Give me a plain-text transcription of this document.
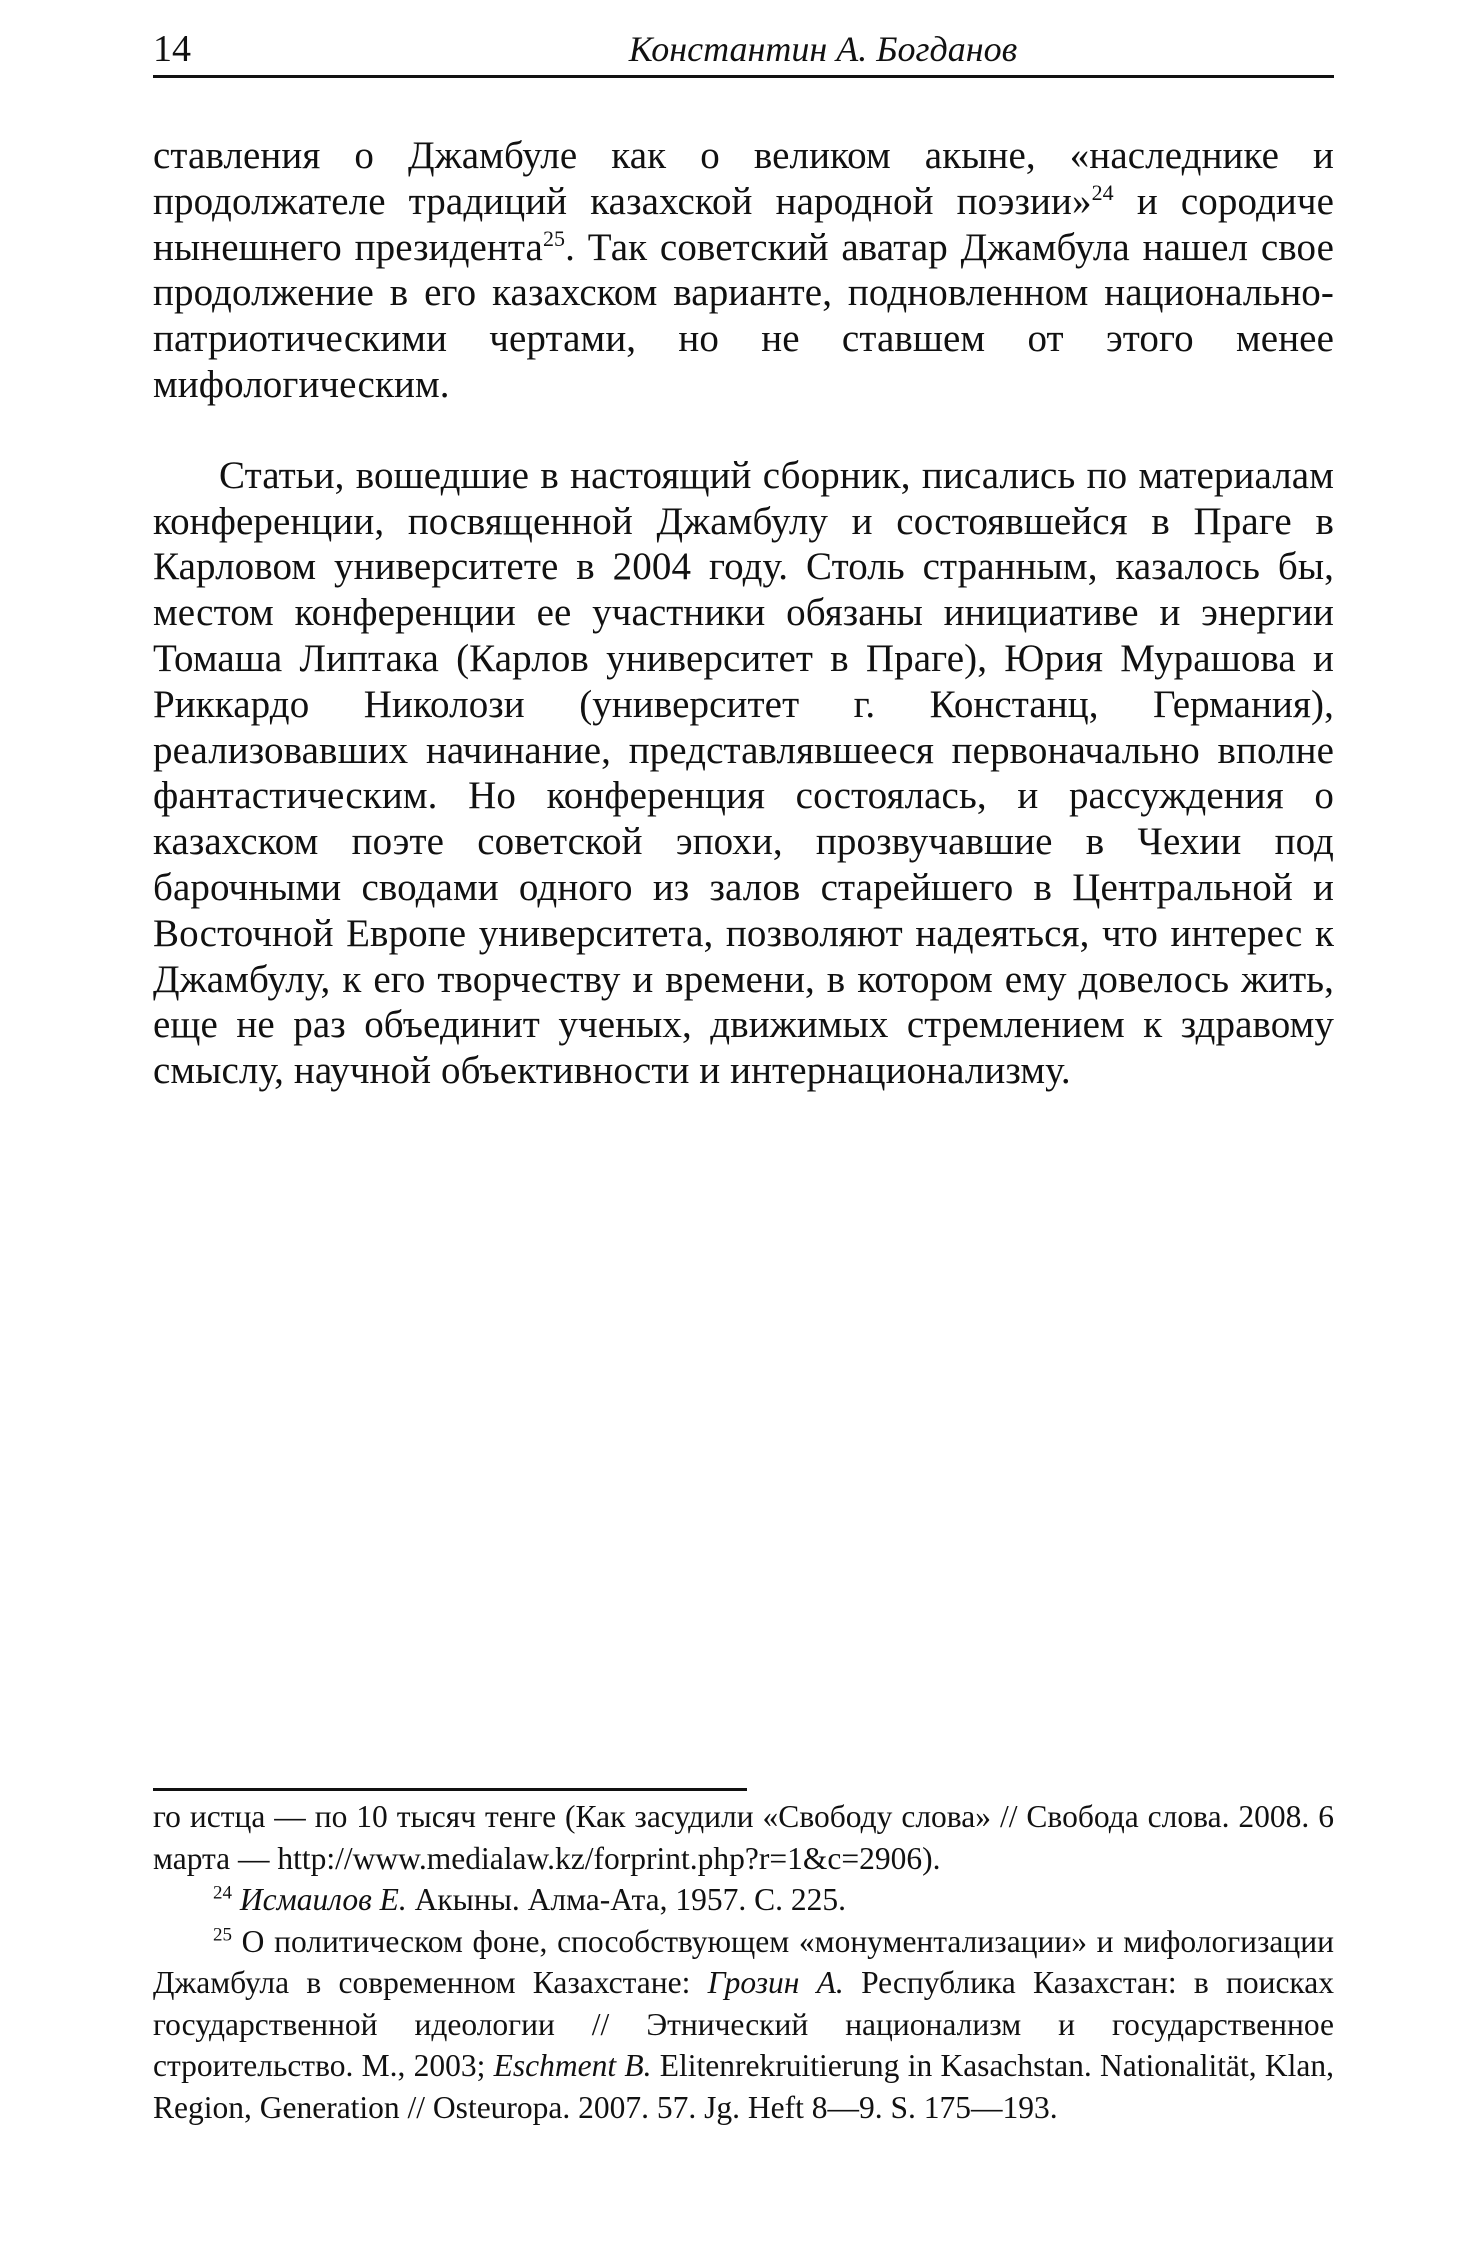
14	Константин А. Богданов

ставления о Джамбуле как о великом акыне, «наследнике и продолжателе традиций казахской народной поэзии»$^{24}$ и сородиче нынешнего президента$^{25}$. Так советский аватар Джамбула нашел свое продолжение в его казахском варианте, подновленном национально-патриотическими чертами, но не ставшем от этого менее мифологическим.

Статьи, вошедшие в настоящий сборник, писались по материалам конференции, посвященной Джамбулу и состоявшейся в Праге в Карловом университете в 2004 году. Столь странным, казалось бы, местом конференции ее участники обязаны инициативе и энергии Томаша Липтака (Карлов университет в Праге), Юрия Мурашова и Риккардо Николози (университет г. Констанц, Германия), реализовавших начинание, представлявшееся первоначально вполне фантастическим. Но конференция состоялась, и рассуждения о казахском поэте советской эпохи, прозвучавшие в Чехии под барочными сводами одного из залов старейшего в Центральной и Восточной Европе университета, позволяют надеяться, что интерес к Джамбулу, к его творчеству и времени, в котором ему довелось жить, еще не раз объединит ученых, движимых стремлением к здравому смыслу, научной объективности и интернационализму.

го истца — по 10 тысяч тенге (Как засудили «Свободу слова» // Свобода слова. 2008. 6 марта — http://www.medialaw.kz/forprint.php?r=1&c=2906).

$^{24}$ Исмаилов Е. Акыны. Алма-Ата, 1957. С. 225.

$^{25}$ О политическом фоне, способствующем «монументализации» и мифологизации Джамбула в современном Казахстане: Грозин А. Республика Казахстан: в поисках государственной идеологии // Этнический национализм и государственное строительство. М., 2003; Eschment B. Elitenrekruitierung in Kasachstan. Nationalität, Klan, Region, Generation // Osteuropa. 2007. 57. Jg. Heft 8—9. S. 175—193.
